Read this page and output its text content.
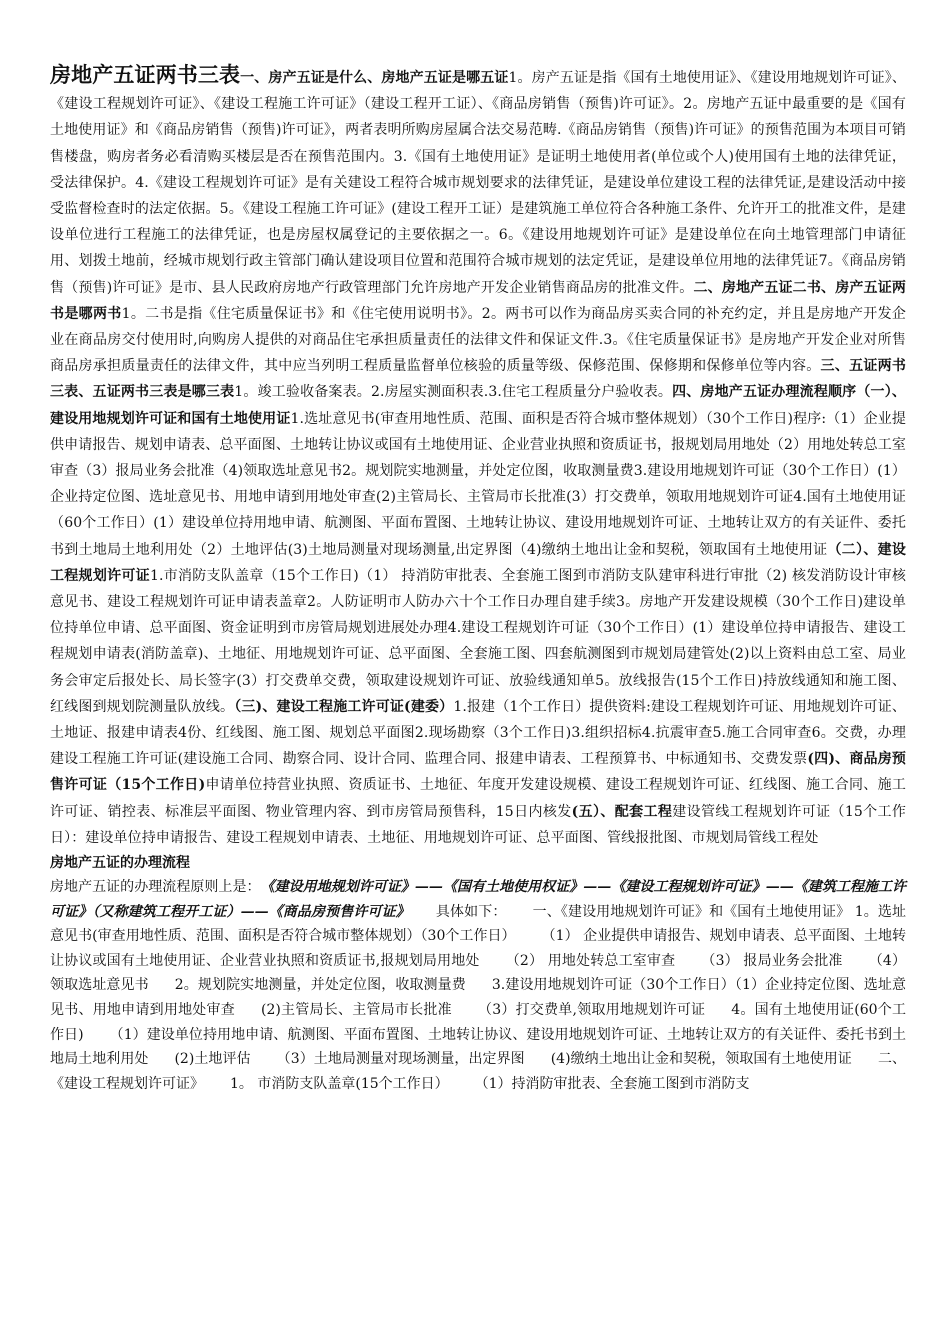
房地产五证两书三表一、房产五证是什么、房地产五证是哪五证1。房产五证是指《国有土地使用证》、《建设用地规划许可证》、《建设工程规划许可证》、《建设工程施工许可证》（建设工程开工证）、《商品房销售（预售)许可证》。2。房地产五证中最重要的是《国有土地使用证》和《商品房销售（预售)许可证》，两者表明所购房屋属合法交易范畴.《商品房销售（预售)许可证》的预售范围为本项目可销售楼盘，购房者务必看清购买楼层是否在预售范围内。3.《国有土地使用证》是证明土地使用者(单位或个人)使用国有土地的法律凭证，受法律保护。4.《建设工程规划许可证》是有关建设工程符合城市规划要求的法律凭证，是建设单位建设工程的法律凭证,是建设活动中接受监督检查时的法定依据。5。《建设工程施工许可证》(建设工程开工证）是建筑施工单位符合各种施工条件、允许开工的批准文件，是建设单位进行工程施工的法律凭证，也是房屋权属登记的主要依据之一。6。《建设用地规划许可证》是建设单位在向土地管理部门申请征用、划拨土地前，经城市规划行政主管部门确认建设项目位置和范围符合城市规划的法定凭证，是建设单位用地的法律凭证7。《商品房销售（预售)许可证》是市、县人民政府房地产行政管理部门允许房地产开发企业销售商品房的批准文件。二、房地产五证二书、房产五证两书是哪两书1。二书是指《住宅质量保证书》和《住宅使用说明书》。2。两书可以作为商品房买卖合同的补充约定，并且是房地产开发企业在商品房交付使用时,向购房人提供的对商品住宅承担质量责任的法律文件和保证文件.3。《住宅质量保证书》是房地产开发企业对所售商品房承担质量责任的法律文件，其中应当列明工程质量监督单位核验的质量等级、保修范围、保修期和保修单位等内容。三、五证两书三表、五证两书三表是哪三表1。竣工验收备案表。2.房屋实测面积表.3.住宅工程质量分户验收表。四、房地产五证办理流程顺序（一）、建设用地规划许可证和国有土地使用证1.选址意见书(审查用地性质、范围、面积是否符合城市整体规划）（30个工作日)程序:（1）企业提供申请报告、规划申请表、总平面图、土地转让协议或国有土地使用证、企业营业执照和资质证书，报规划局用地处（2）用地处转总工室审查（3）报局业务会批准（4)领取选址意见书2。规划院实地测量，并处定位图，收取测量费3.建设用地规划许可证（30个工作日）(1）企业持定位图、选址意见书、用地申请到用地处审查(2)主管局长、主管局市长批准(3）打交费单，领取用地规划许可证4.国有土地使用证（60个工作日）(1）建设单位持用地申请、航测图、平面布置图、土地转让协议、建设用地规划许可证、土地转让双方的有关证件、委托书到土地局土地利用处（2）土地评估(3)土地局测量对现场测量,出定界图（4)缴纳土地出让金和契税，领取国有土地使用证（二）、建设工程规划许可证1.市消防支队盖章（15个工作日)（1） 持消防审批表、全套施工图到市消防支队建审科进行审批（2) 核发消防设计审核意见书、建设工程规划许可证申请表盖章2。人防证明市人防办六十个工作日办理自建手续3。房地产开发建设规模（30个工作日)建设单位持单位申请、总平面图、资金证明到市房管局规划进展处办理4.建设工程规划许可证（30个工作日）(1）建设单位持申请报告、建设工程规划申请表(消防盖章)、土地征、用地规划许可证、总平面图、全套施工图、四套航测图到市规划局建管处(2)以上资料由总工室、局业务会审定后报处长、局长签字(3）打交费单交费，领取建设规划许可证、放验线通知单5。放线报告(15个工作日)持放线通知和施工图、红线图到规划院测量队放线。（三)、建设工程施工许可证(建委）1.报建（1个工作日）提供资料:建设工程规划许可证、用地规划许可证、土地证、报建申请表4份、红线图、施工图、规划总平面图2.现场勘察（3个工作日)3.组织招标4.抗震审查5.施工合同审查6。交费，办理建设工程施工许可证(建设施工合同、勘察合同、设计合同、监理合同、报建申请表、工程预算书、中标通知书、交费发票(四)、商品房预售许可证（15个工作日)申请单位持营业执照、资质证书、土地征、年度开发建设规模、建设工程规划许可证、红线图、施工合同、施工许可证、销控表、标准层平面图、物业管理内容、到市房管局预售科，15日内核发(五）、配套工程建设管线工程规划许可证（15个工作日）：建设单位持申请报告、建设工程规划申请表、土地征、用地规划许可证、总平面图、管线报批图、市规划局管线工程处

房地产五证的办理流程

房地产五证的办理流程原则上是：《建设用地规划许可证》——《国有土地使用权证》——《建设工程规划许可证》——《建筑工程施工许可证》（又称建筑工程开工证）——《商品房预售许可证》 具体如下： 一、《建设用地规划许可证》和《国有土地使用证》 1。选址意见书(审查用地性质、范围、面积是否符合城市整体规划）（30个工作日） （1） 企业提供申请报告、规划申请表、总平面图、土地转让协议或国有土地使用证、企业营业执照和资质证书,报规划局用地处 （2） 用地处转总工室审查 （3） 报局业务会批准 （4）领取选址意见书 2。规划院实地测量，并处定位图，收取测量费 3.建设用地规划许可证（30个工作日）（1）企业持定位图、选址意见书、用地申请到用地处审查 (2)主管局长、主管局市长批准 （3）打交费单,领取用地规划许可证 4。国有土地使用证(60个工作日) （1）建设单位持用地申请、航测图、平面布置图、土地转让协议、建设用地规划许可证、土地转让双方的有关证件、委托书到土地局土地利用处 (2)土地评估 （3）土地局测量对现场测量，出定界图 (4)缴纳土地出让金和契税，领取国有土地使用证 二、《建设工程规划许可证》 1。 市消防支队盖章(15个工作日） （1）持消防审批表、全套施工图到市消防支
